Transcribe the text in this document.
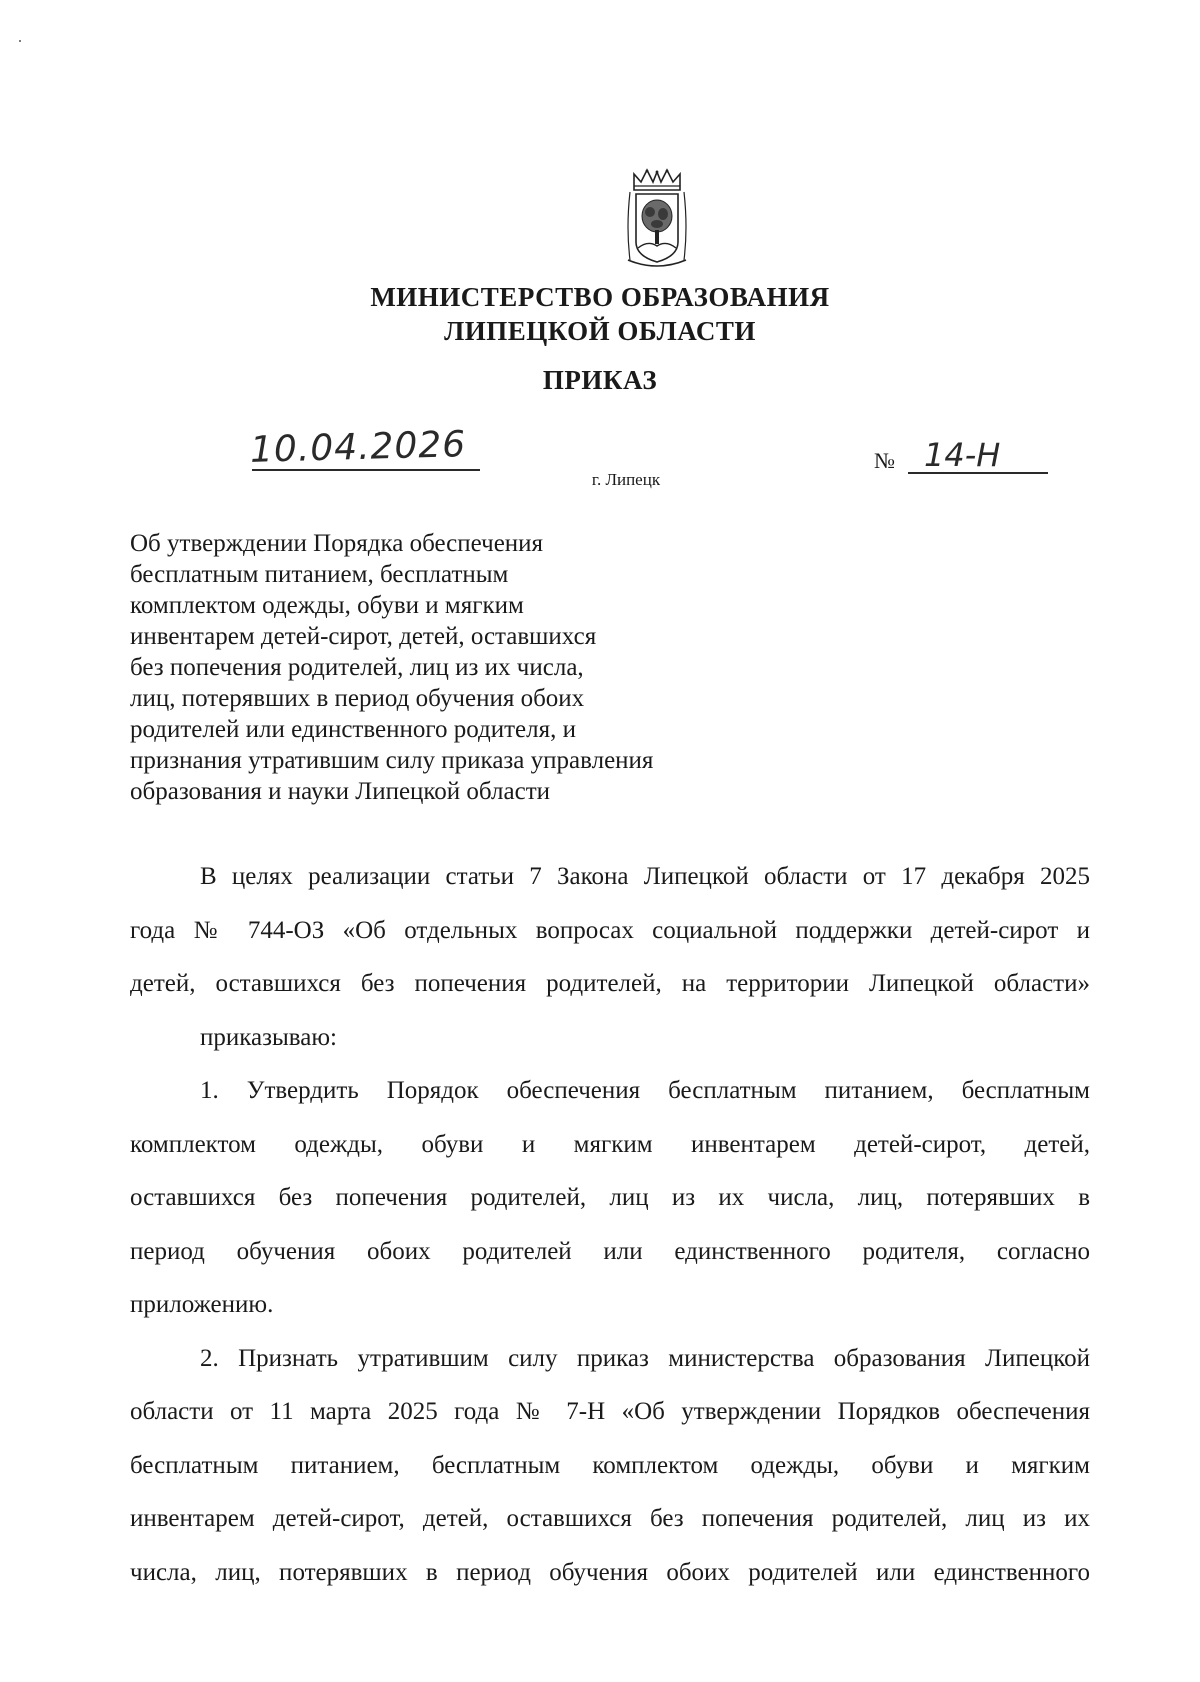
МИНИСТЕРСТВО ОБРАЗОВАНИЯ
ЛИПЕЦКОЙ ОБЛАСТИ
ПРИКАЗ
10.04.2026	№ 14-Н
г. Липецк
Об утверждении Порядка обеспечения
бесплатным питанием, бесплатным
комплектом одежды, обуви и мягким
инвентарем детей-сирот, детей, оставшихся
без попечения родителей, лиц из их числа,
лиц, потерявших в период обучения обоих
родителей или единственного родителя, и
признания утратившим силу приказа управления
образования и науки Липецкой области
В целях реализации статьи 7 Закона Липецкой области от 17 декабря 2025
года № 744-ОЗ «Об отдельных вопросах социальной поддержки детей-сирот и
детей, оставшихся без попечения родителей, на территории Липецкой области»
приказываю:
1. Утвердить Порядок обеспечения бесплатным питанием, бесплатным
комплектом одежды, обуви и мягким инвентарем детей-сирот, детей,
оставшихся без попечения родителей, лиц из их числа, лиц, потерявших в
период обучения обоих родителей или единственного родителя, согласно
приложению.
2. Признать утратившим силу приказ министерства образования Липецкой
области от 11 марта 2025 года № 7-Н «Об утверждении Порядков обеспечения
бесплатным питанием, бесплатным комплектом одежды, обуви и мягким
инвентарем детей-сирот, детей, оставшихся без попечения родителей, лиц из их
числа, лиц, потерявших в период обучения обоих родителей или единственного
